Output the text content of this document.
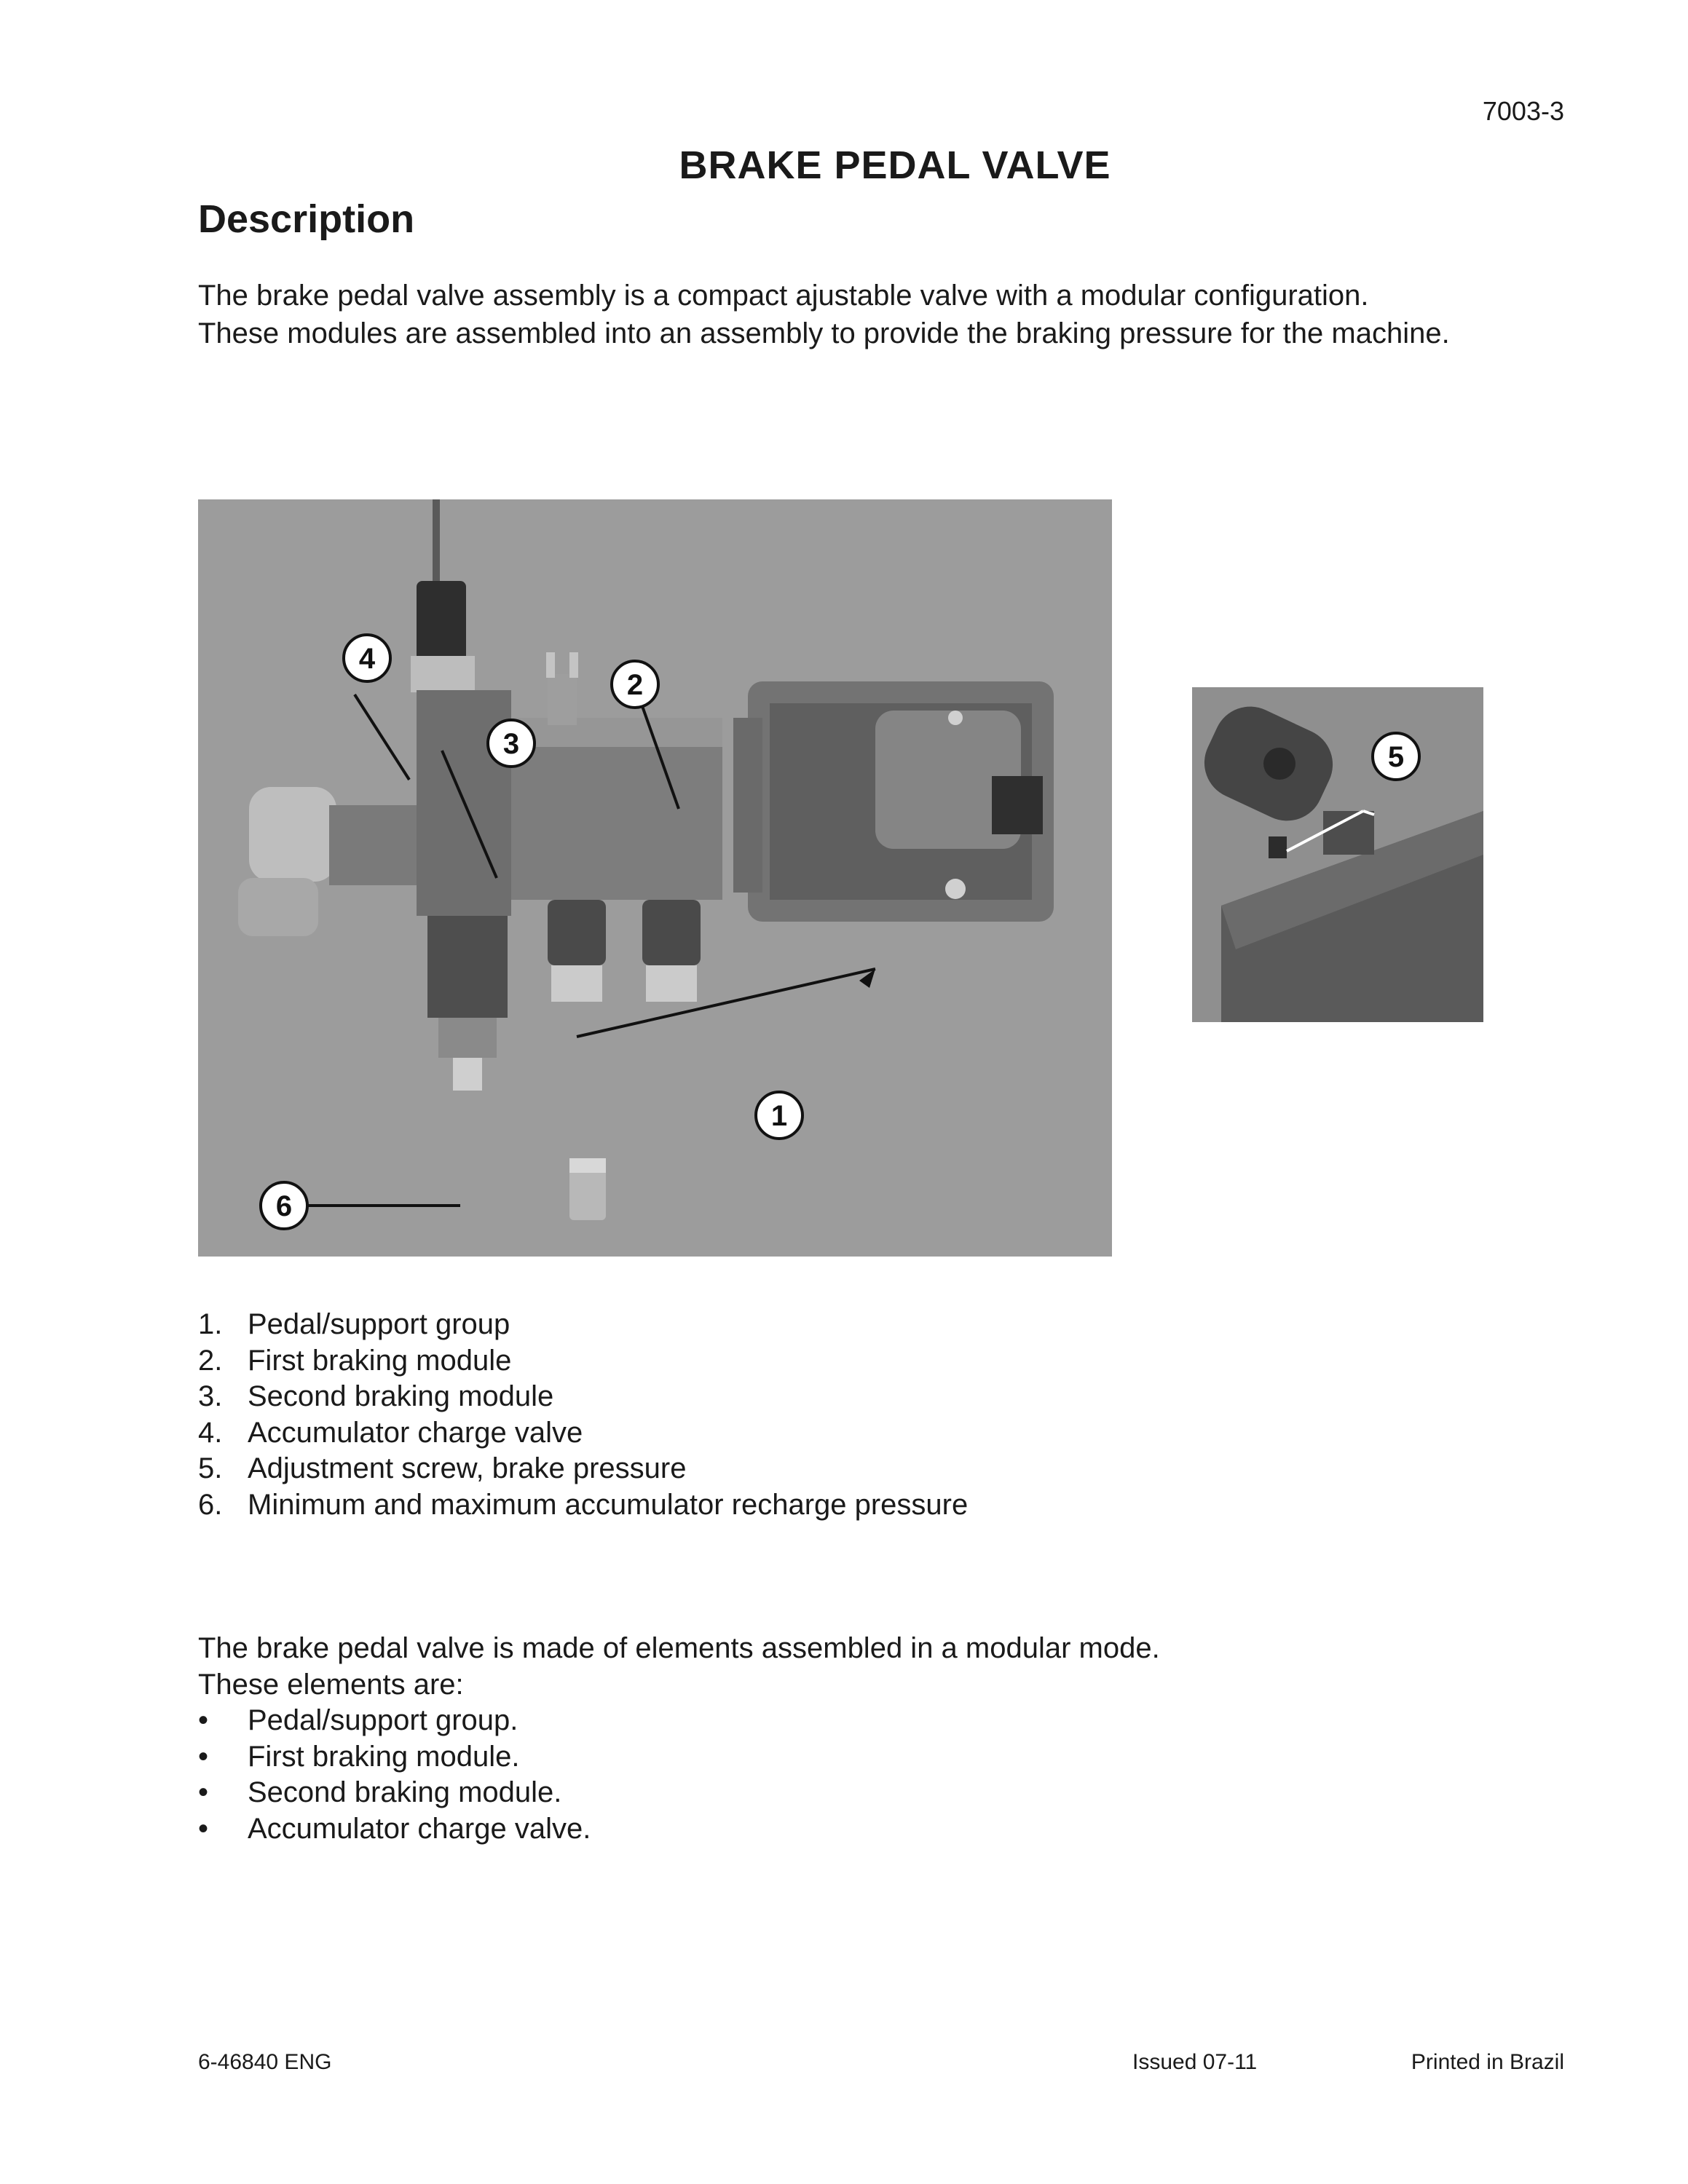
7003-3
BRAKE PEDAL VALVE
Description

The brake pedal valve assembly is a compact ajustable valve with a modular configuration.

These modules are assembled into an assembly to provide the braking pressure for the machine.

4
3
2
1
6
5
1. Pedal/support group
2. First braking module
3. Second braking module
4. Accumulator charge valve
5. Adjustment screw, brake pressure
6. Minimum and maximum accumulator recharge pressure

The brake pedal valve is made of elements assembled in a modular mode.

These elements are:

•	Pedal/support group.
•	First braking module.
•	Second braking module.
•	Accumulator charge valve.
6-46840 ENG	Issued 07-11	Printed in Brazil
